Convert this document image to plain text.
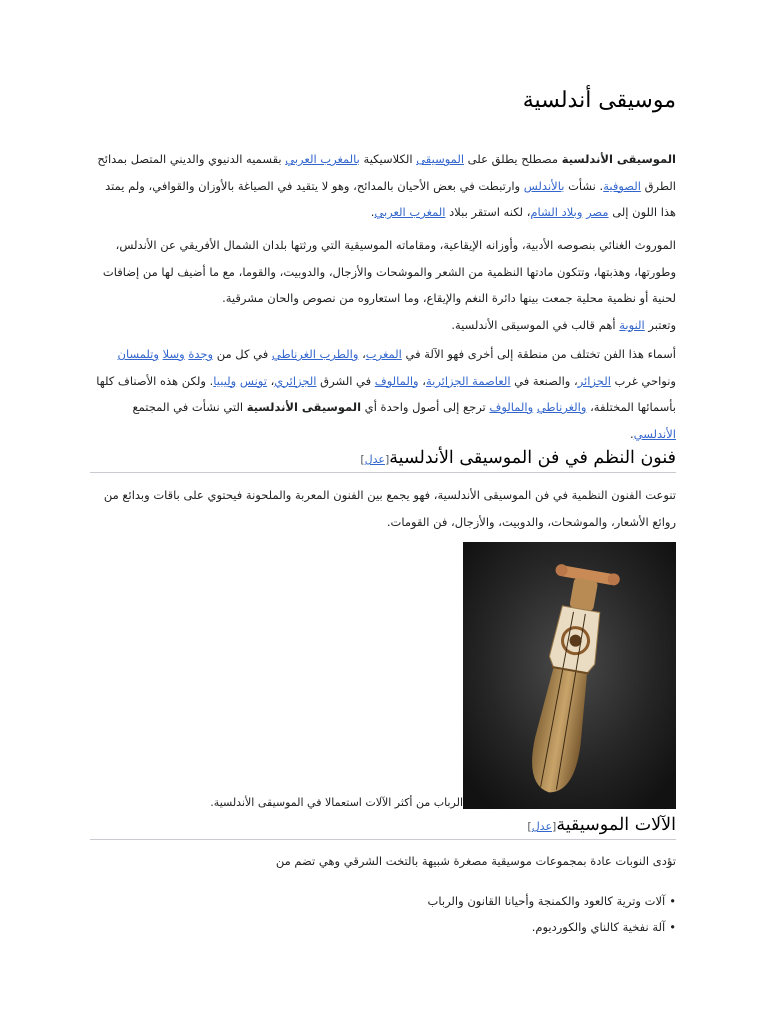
موسيقى أندلسية

الموسيقى الأندلسية مصطلح يطلق على الموسيقى الكلاسيكية بالمغرب العربي بقسميه الدنيوي والديني المتصل بمدائح الطرق الصوفية. نشأت بالأندلس وارتبطت في بعض الأحيان بالمدائح، وهو لا يتقيد في الصياغة بالأوزان والقوافي، ولم يمتد هذا اللون إلى مصر وبلاد الشام، لكنه استقر ببلاد المغرب العربي.

الموروث الغنائي بنصوصه الأدبية، وأوزانه الإيقاعية، ومقاماته الموسيقية التي ورثتها بلدان الشمال الأفريقي عن الأندلس، وطورتها، وهذبتها، وتتكون مادتها النظمية من الشعر والموشحات والأزجال، والدوبيت، والقوما، مع ما أضيف لها من إضافات لحنية أو نظمية محلية جمعت بينها دائرة النغم والإيقاع، وما استعاروه من نصوص والحان مشرقية.
وتعتبر النوبة أهم قالب في الموسيقى الأندلسية.

أسماء هذا الفن تختلف من منطقة إلى أخرى فهو الآلة في المغرب، والطرب الغرناطي في كل من وجدة وسلا وتلمسان ونواحي غرب الجزائر، والصنعة في العاصمة الجزائرية، والمالوف في الشرق الجزائري، تونس وليبيا. ولكن هذه الأصناف كلها بأسمائها المختلفة، والغرناطي والمالوف ترجع إلى أصول واحدة أي الموسيقى الأندلسية التي نشأت في المجتمع الأندلسي.

فنون النظم في فن الموسيقى الأندلسية[عدل]

تنوعت الفنون النظمية في فن الموسيقى الأندلسية، فهو يجمع بين الفنون المعربة والملحونة فيحتوي على باقات وبدائع من روائع الأشعار، والموشحات، والدوبيت، والأزجال، فن القومات.

الرباب من أكثر الآلات استعمالا في الموسيقى الأندلسية.
الآلات الموسيقية[عدل]

تؤدى النوبات عادة بمجموعات موسيقية مصغرة شبيهة بالتخت الشرقي وهي تضم من

•آلات وترية كالعود والكمنجة وأحيانا القانون والرباب
•آلة نفخية كالناي والكورديوم.
